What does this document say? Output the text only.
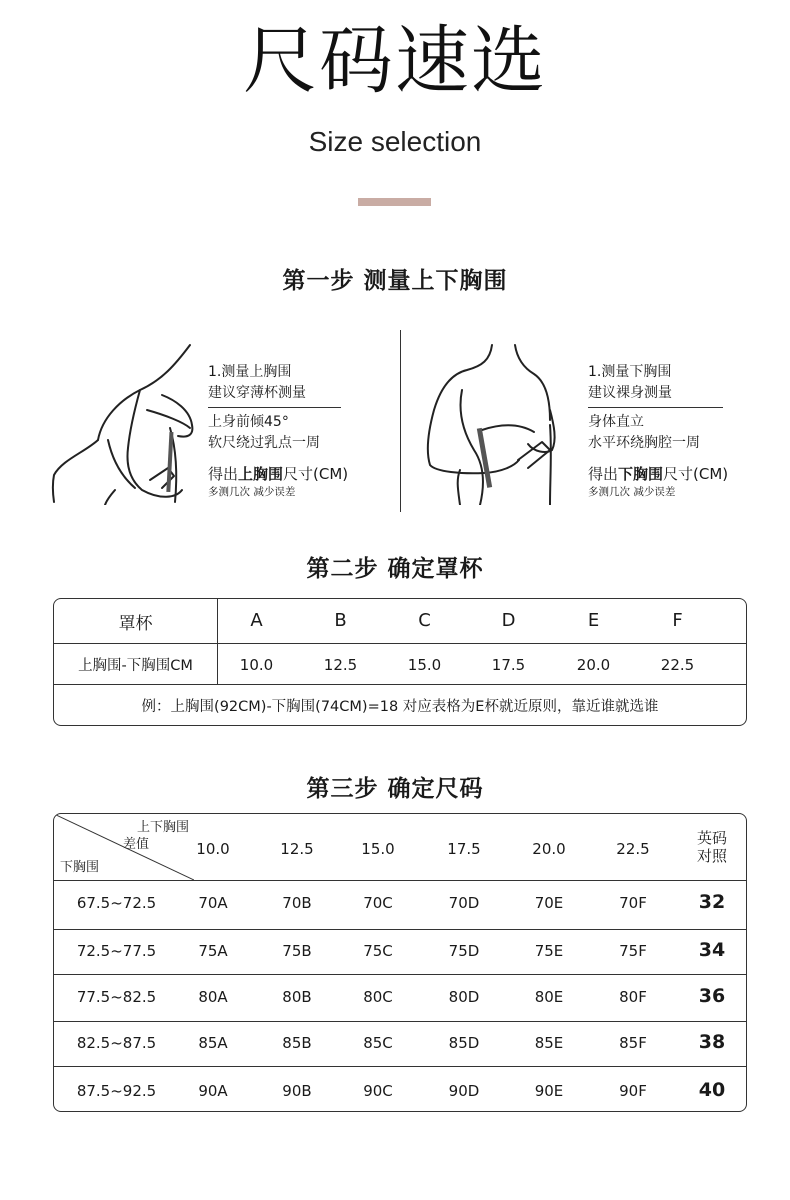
尺码速选
Size selection
第一步 测量上下胸围
1.测量上胸围
建议穿薄杯测量
上身前倾45°
软尺绕过乳点一周
得出上胸围尺寸(CM)
多测几次 减少误差
1.测量下胸围
建议裸身测量
身体直立
水平环绕胸腔一周
得出下胸围尺寸(CM)
多测几次 减少误差
第二步 确定罩杯
罩杯	A	B	C	D	E	F
上胸围-下胸围CM	10.0	12.5	15.0	17.5	20.0	22.5
例：上胸围(92CM)-下胸围(74CM)=18 对应表格为E杯就近原则，靠近谁就选谁
第三步 确定尺码
上下胸围
差值
下胸围
10.0	12.5	15.0	17.5	20.0	22.5
英码
对照
67.5~72.5	70A	70B	70C	70D	70E	70F	32
72.5~77.5	75A	75B	75C	75D	75E	75F	34
77.5~82.5	80A	80B	80C	80D	80E	80F	36
82.5~87.5	85A	85B	85C	85D	85E	85F	38
87.5~92.5	90A	90B	90C	90D	90E	90F	40
